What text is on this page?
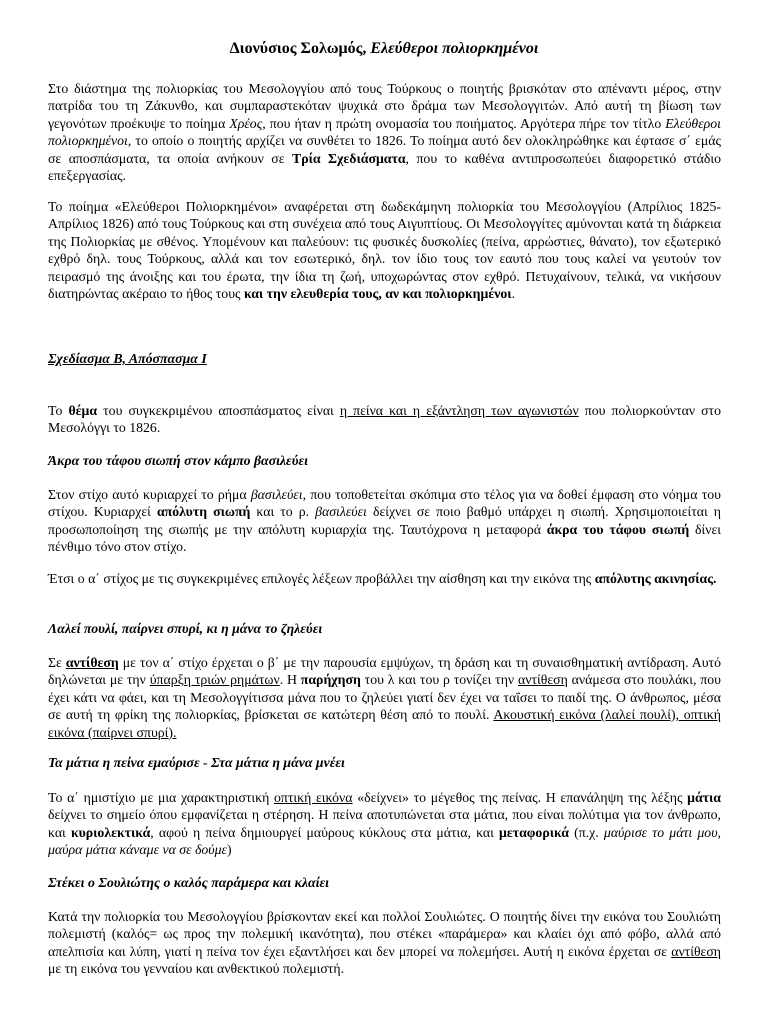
Διονύσιος Σολωμός, Ελεύθεροι πολιορκημένοι

Στο διάστημα της πολιορκίας του Μεσολογγίου από τους Τούρκους ο ποιητής βρισκόταν στο απέναντι μέρος, στην πατρίδα του τη Ζάκυνθο, και συμπαραστεκόταν ψυχικά στο δράμα των Μεσολογγιτών. Από αυτή τη βίωση των γεγονότων προέκυψε το ποίημα Χρέος, που ήταν η πρώτη ονομασία του ποιήματος. Αργότερα πήρε τον τίτλο Ελεύθεροι πολιορκημένοι, το οποίο ο ποιητής αρχίζει να συνθέτει το 1826. Το ποίημα αυτό δεν ολοκληρώθηκε και έφτασε σ΄ εμάς σε αποσπάσματα, τα οποία ανήκουν σε Τρία Σχεδιάσματα, που το καθένα αντιπροσωπεύει διαφορετικό στάδιο επεξεργασίας.

Το ποίημα «Ελεύθεροι Πολιορκημένοι» αναφέρεται στη δωδεκάμηνη πολιορκία του Μεσολογγίου (Απρίλιος 1825-Απρίλιος 1826) από τους Τούρκους και στη συνέχεια από τους Αιγυπτίους. Οι Μεσολογγίτες αμύνονται κατά τη διάρκεια της Πολιορκίας με σθένος. Υπομένουν και παλεύουν: τις φυσικές δυσκολίες (πείνα, αρρώστιες, θάνατο), τον εξωτερικό εχθρό δηλ. τους Τούρκους, αλλά και τον εσωτερικό, δηλ. τον ίδιο τους τον εαυτό που τους καλεί να γευτούν τον πειρασμό της άνοιξης και του έρωτα, την ίδια τη ζωή, υποχωρώντας στον εχθρό. Πετυχαίνουν, τελικά, να νικήσουν διατηρώντας ακέραιο το ήθος τους και την ελευθερία τους, αν και πολιορκημένοι.

Σχεδίασμα Β, Απόσπασμα Ι

Το θέμα του συγκεκριμένου αποσπάσματος είναι η πείνα και η εξάντληση των αγωνιστών που πολιορκούνταν στο Μεσολόγγι το 1826.

Άκρα του τάφου σιωπή στον κάμπο βασιλεύει

Στον στίχο αυτό κυριαρχεί το ρήμα βασιλεύει, που τοποθετείται σκόπιμα στο τέλος για να δοθεί έμφαση στο νόημα του στίχου. Κυριαρχεί απόλυτη σιωπή και το ρ. βασιλεύει δείχνει σε ποιο βαθμό υπάρχει η σιωπή. Χρησιμοποιείται η προσωποποίηση της σιωπής με την απόλυτη κυριαρχία της. Ταυτόχρονα η μεταφορά άκρα του τάφου σιωπή δίνει πένθιμο τόνο στον στίχο.

Έτσι ο α΄ στίχος με τις συγκεκριμένες επιλογές λέξεων προβάλλει την αίσθηση και την εικόνα της απόλυτης ακινησίας.

Λαλεί πουλί, παίρνει σπυρί, κι η μάνα το ζηλεύει

Σε αντίθεση με τον α΄ στίχο έρχεται ο β΄ με την παρουσία εμψύχων, τη δράση και τη συναισθηματική αντίδραση. Αυτό δηλώνεται με την ύπαρξη τριών ρημάτων. Η παρήχηση του λ και του ρ τονίζει την αντίθεση ανάμεσα στο πουλάκι, που έχει κάτι να φάει, και τη Μεσολογγίτισσα μάνα που το ζηλεύει γιατί δεν έχει να ταΐσει το παιδί της. Ο άνθρωπος, μέσα σε αυτή τη φρίκη της πολιορκίας, βρίσκεται σε κατώτερη θέση από το πουλί. Ακουστική εικόνα (λαλεί πουλί), οπτική εικόνα (παίρνει σπυρί).

Τα μάτια η πείνα εμαύρισε - Στα μάτια η μάνα μνέει

Το α΄ ημιστίχιο με μια χαρακτηριστική οπτική εικόνα «δείχνει» το μέγεθος της πείνας. Η επανάληψη της λέξης μάτια δείχνει το σημείο όπου εμφανίζεται η στέρηση. Η πείνα αποτυπώνεται στα μάτια, που είναι πολύτιμα για τον άνθρωπο, και κυριολεκτικά, αφού η πείνα δημιουργεί μαύρους κύκλους στα μάτια, και μεταφορικά (π.χ. μαύρισε το μάτι μου, μαύρα μάτια κάναμε να σε δούμε)

Στέκει ο Σουλιώτης ο καλός παράμερα και κλαίει

Κατά την πολιορκία του Μεσολογγίου βρίσκονταν εκεί και πολλοί Σουλιώτες. Ο ποιητής δίνει την εικόνα του Σουλιώτη πολεμιστή (καλός= ως προς την πολεμική ικανότητα), που στέκει «παράμερα» και κλαίει όχι από φόβο, αλλά από απελπισία και λύπη, γιατί η πείνα τον έχει εξαντλήσει και δεν μπορεί να πολεμήσει. Αυτή η εικόνα έρχεται σε αντίθεση με τη εικόνα του γενναίου και ανθεκτικού πολεμιστή.
